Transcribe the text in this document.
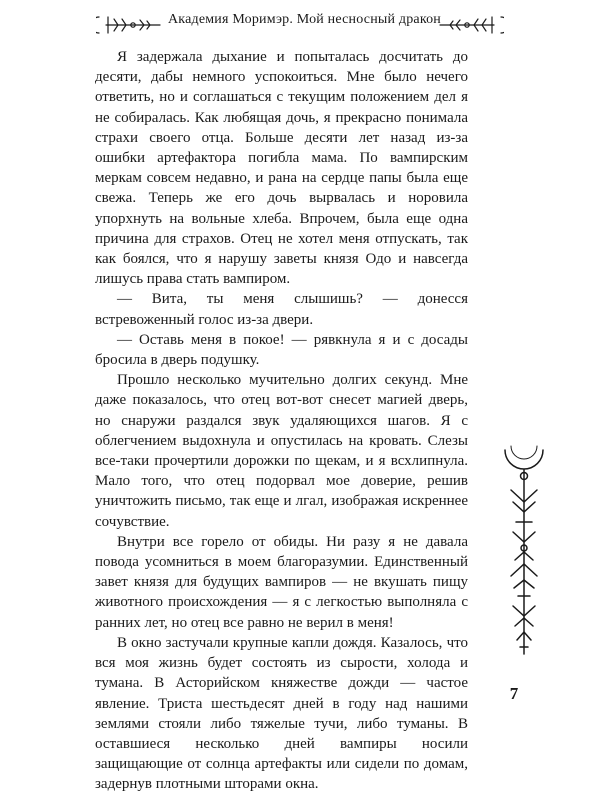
Академия Моримэр. Мой несносный дракон

Я задержала дыхание и попыталась досчитать до десяти, дабы немного успокоиться. Мне было нечего ответить, но и соглашаться с текущим положением дел я не собиралась. Как любящая дочь, я прекрасно понимала страхи своего отца. Больше десяти лет назад из-за ошибки артефактора погибла мама. По вампирским меркам совсем недавно, и рана на сердце папы была еще свежа. Теперь же его дочь вырвалась и норовила упорхнуть на вольные хлеба. Впрочем, была еще одна причина для страхов. Отец не хотел меня отпускать, так как боялся, что я нарушу заветы князя Одо и навсегда лишусь права стать вампиром.

— Вита, ты меня слышишь? — донесся встревоженный голос из-за двери.

— Оставь меня в покое! — рявкнула я и с досады бросила в дверь подушку.

Прошло несколько мучительно долгих секунд. Мне даже показалось, что отец вот-вот снесет магией дверь, но снаружи раздался звук удаляющихся шагов. Я с облегчением выдохнула и опустилась на кровать. Слезы все-таки прочертили дорожки по щекам, и я всхлипнула. Мало того, что отец подорвал мое доверие, решив уничтожить письмо, так еще и лгал, изображая искреннее сочувствие.

Внутри все горело от обиды. Ни разу я не давала повода усомниться в моем благоразумии. Единственный завет князя для будущих вампиров — не вкушать пищу животного происхождения — я с легкостью выполняла с ранних лет, но отец все равно не верил в меня!

В окно застучали крупные капли дождя. Казалось, что вся моя жизнь будет состоять из сырости, холода и тумана. В Асторийском княжестве дожди — частое явление. Триста шестьдесят дней в году над нашими землями стояли либо тяжелые тучи, либо туманы. В оставшиеся несколько дней вампиры носили защищающие от солнца артефакты или сидели по домам, задернув плотными шторами окна.

7
